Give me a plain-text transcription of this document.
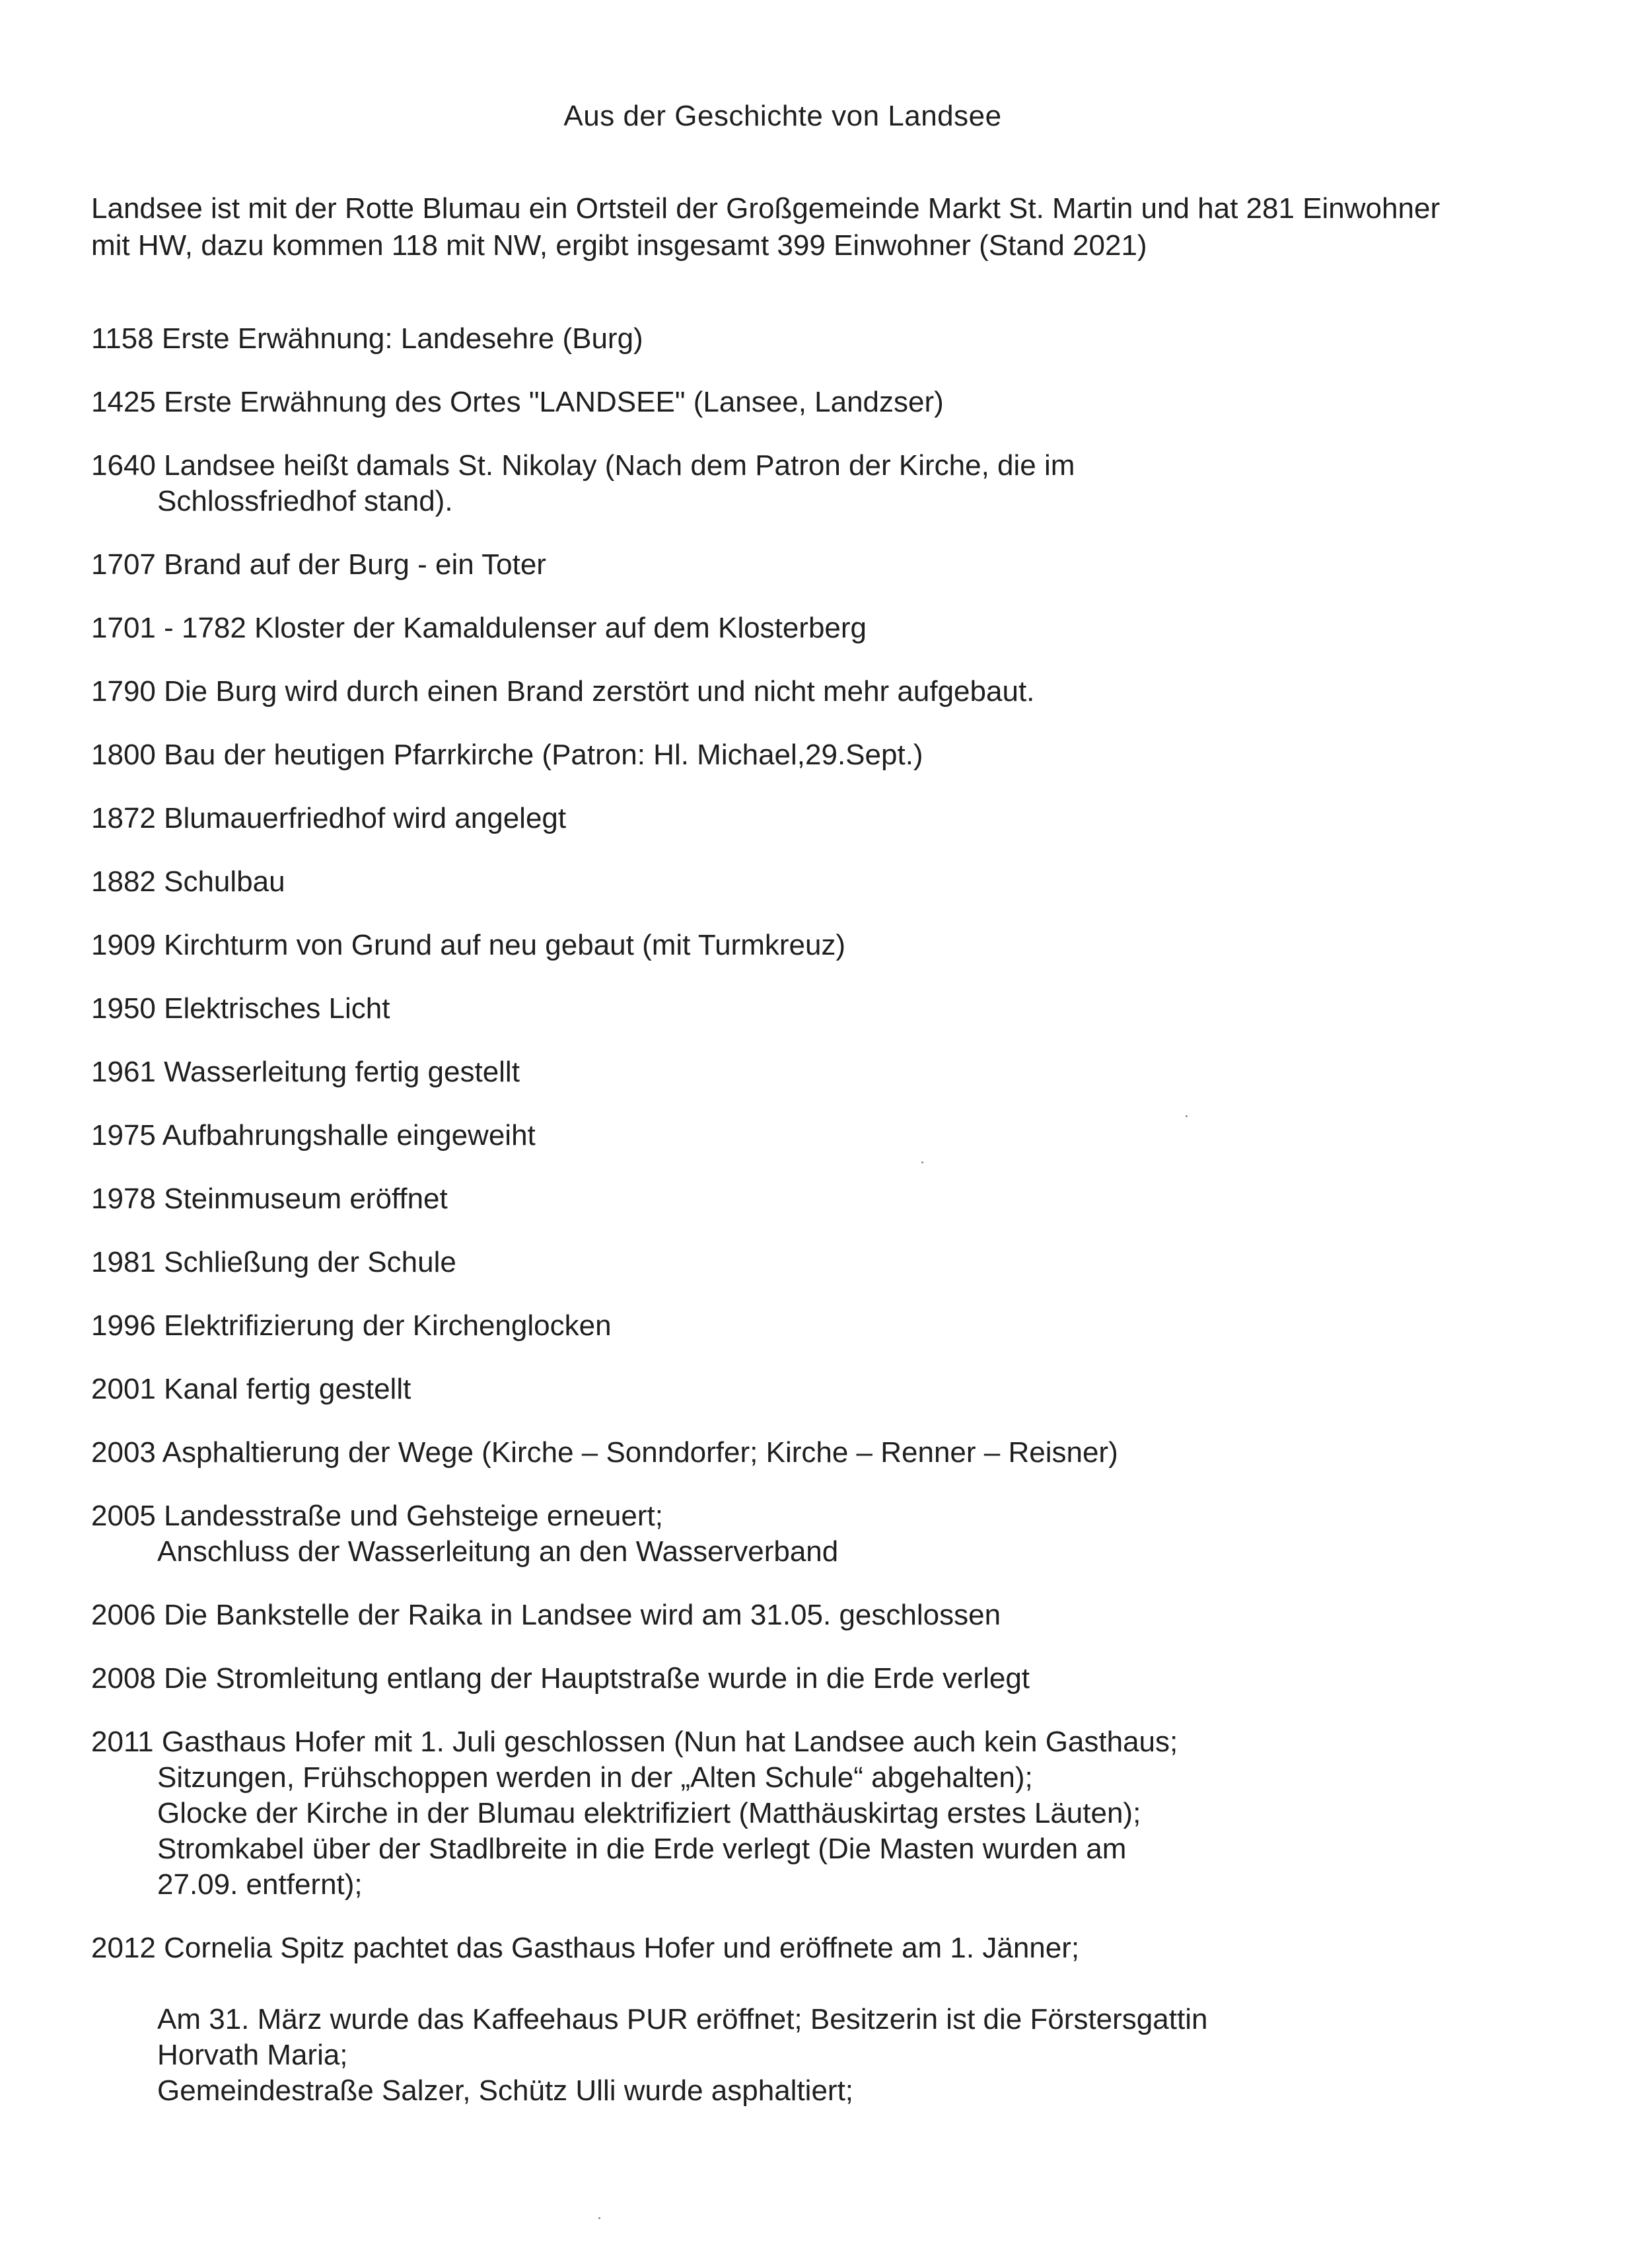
Aus der Geschichte von Landsee

Landsee ist mit der Rotte Blumau ein Ortsteil der Großgemeinde Markt St. Martin und hat 281 Einwohner
mit HW, dazu kommen 118 mit NW, ergibt insgesamt 399 Einwohner (Stand 2021)

1158 Erste Erwähnung: Landesehre (Burg)
1425 Erste Erwähnung des Ortes "LANDSEE" (Lansee, Landzser)
1640 Landsee heißt damals St. Nikolay (Nach dem Patron der Kirche, die im
Schlossfriedhof stand).
1707 Brand auf der Burg - ein Toter
1701 - 1782 Kloster der Kamaldulenser auf dem Klosterberg
1790 Die Burg wird durch einen Brand zerstört und nicht mehr aufgebaut.
1800 Bau der heutigen Pfarrkirche (Patron: Hl. Michael,29.Sept.)
1872 Blumauerfriedhof wird angelegt
1882 Schulbau
1909 Kirchturm von Grund auf neu gebaut (mit Turmkreuz)
1950 Elektrisches Licht
1961 Wasserleitung fertig gestellt
1975 Aufbahrungshalle eingeweiht
1978 Steinmuseum eröffnet
1981 Schließung der Schule
1996 Elektrifizierung der Kirchenglocken
2001 Kanal fertig gestellt
2003 Asphaltierung der Wege (Kirche – Sonndorfer; Kirche – Renner – Reisner)
2005 Landesstraße und Gehsteige erneuert;
Anschluss der Wasserleitung an den Wasserverband
2006 Die Bankstelle der Raika in Landsee wird am 31.05. geschlossen
2008 Die Stromleitung entlang der Hauptstraße wurde in die Erde verlegt
2011 Gasthaus Hofer mit 1. Juli geschlossen (Nun hat Landsee auch kein Gasthaus;
Sitzungen, Frühschoppen werden in der „Alten Schule“ abgehalten);
Glocke der Kirche in der Blumau elektrifiziert (Matthäuskirtag erstes Läuten);
Stromkabel über der Stadlbreite in die Erde verlegt (Die Masten wurden am
27.09. entfernt);
2012 Cornelia Spitz pachtet das Gasthaus Hofer und eröffnete am 1. Jänner;
Am 31. März wurde das Kaffeehaus PUR eröffnet; Besitzerin ist die Förstersgattin
Horvath Maria;
Gemeindestraße Salzer, Schütz Ulli wurde asphaltiert;
